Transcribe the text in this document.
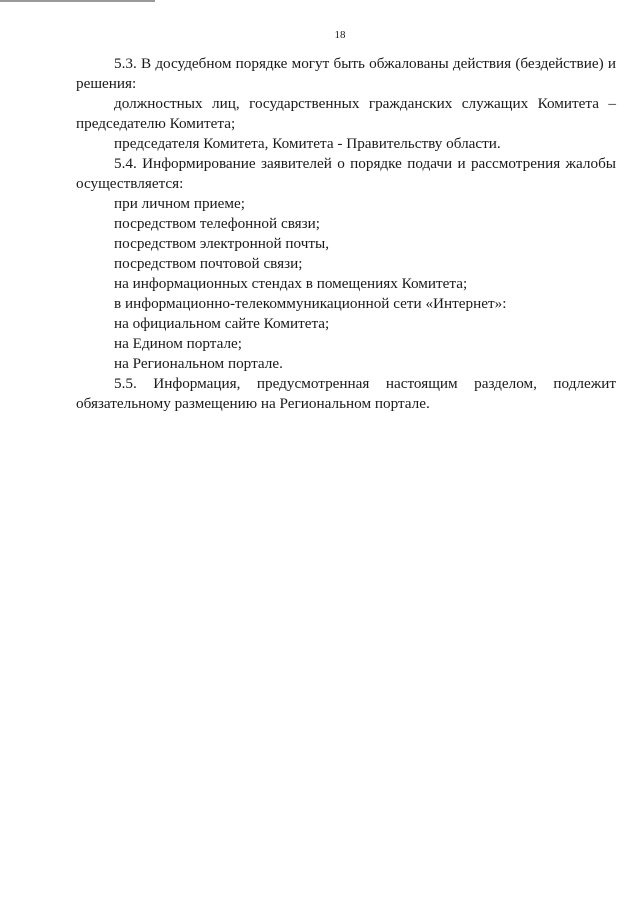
18

5.3. В досудебном порядке могут быть обжалованы действия (бездействие) и решения:

должностных лиц, государственных гражданских служащих Комитета – председателю Комитета;

председателя Комитета, Комитета - Правительству области.

5.4. Информирование заявителей о порядке подачи и рассмотрения жалобы осуществляется:

при личном приеме;

посредством телефонной связи;

посредством электронной почты,

посредством почтовой связи;

на информационных стендах в помещениях Комитета;

в информационно-телекоммуникационной сети «Интернет»:

на официальном сайте Комитета;

на Едином портале;

на Региональном портале.

5.5. Информация, предусмотренная настоящим разделом, подлежит обязательному размещению на Региональном портале.
